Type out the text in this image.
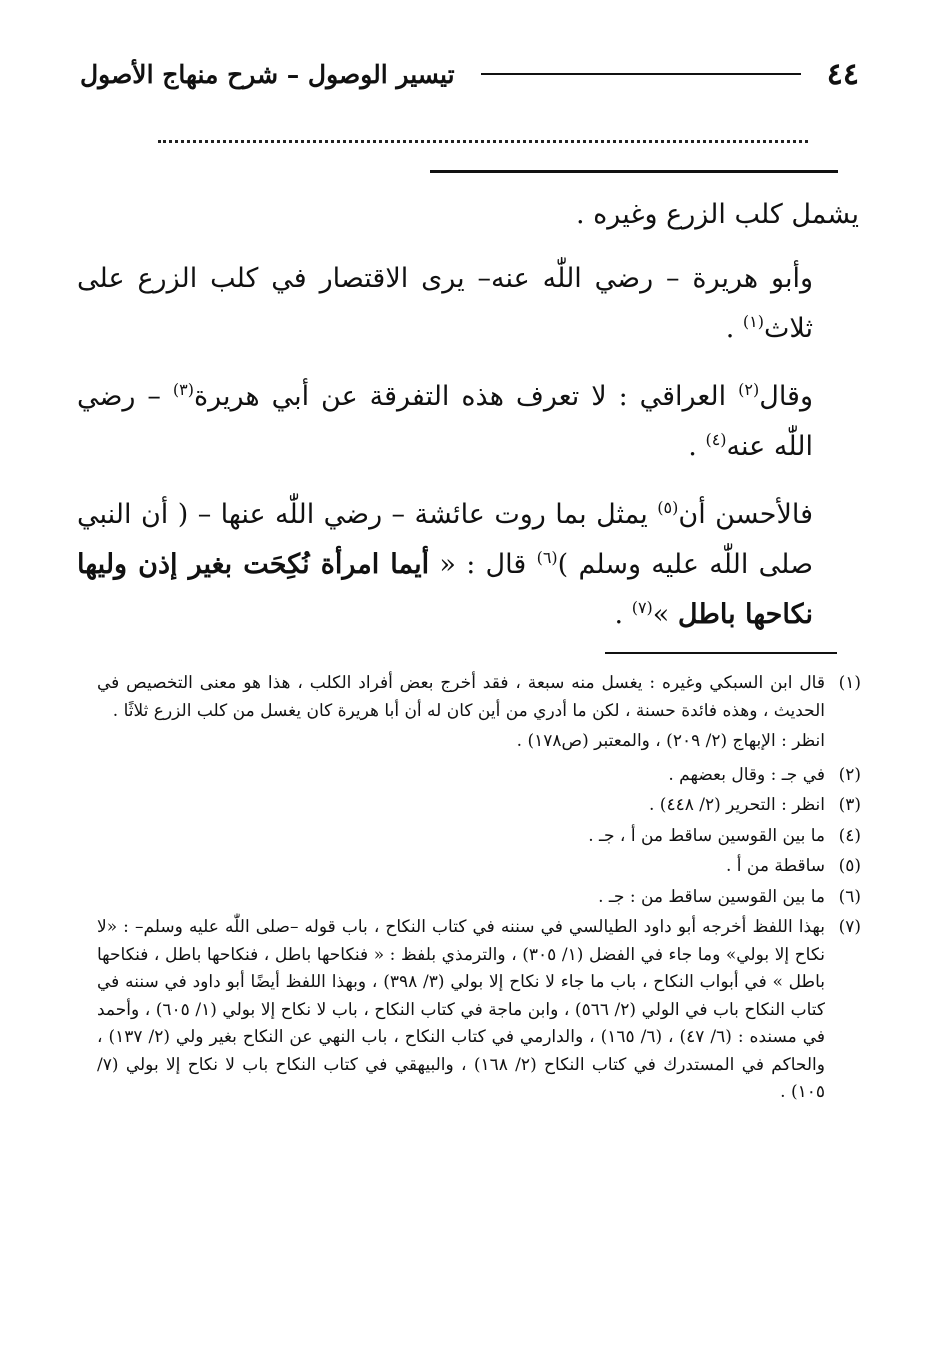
٤٤
تيسير الوصول – شرح منهاج الأصول

يشمل كلب الزرع وغيره .

وأبو هريرة – رضي اللّٰه عنه– يرى الاقتصار في كلب الزرع على ثلاث$^{(١)}$ .

وقال$^{(٢)}$ العراقي : لا تعرف هذه التفرقة عن أبي هريرة$^{(٣)}$ – رضي اللّٰه عنه$^{(٤)}$ .

فالأحسن أن$^{(٥)}$ يمثل بما روت عائشة – رضي اللّٰه عنها – ( أن النبي صلى اللّٰه عليه وسلم )$^{(٦)}$ قال : « أيما امرأة نُكِحَت بغير إذن وليها نكاحها باطل »$^{(٧)}$ .

(١)
قال ابن السبكي وغيره : يغسل منه سبعة ، فقد أخرج بعض أفراد الكلب ، هذا هو معنى التخصيص في الحديث ، وهذه فائدة حسنة ، لكن ما أدري من أين كان له أن أبا هريرة كان يغسل من كلب الزرع ثلاثًا .
انظر : الإبهاج (٢/ ٢٠٩) ، والمعتبر (ص١٧٨) .
(٢)
في جـ : وقال بعضهم .
(٣)
انظر : التحرير (٢/ ٤٤٨) .
(٤)
ما بين القوسين ساقط من أ ، جـ .
(٥)
ساقطة من أ .
(٦)
ما بين القوسين ساقط من : جـ .
(٧)
بهذا اللفظ أخرجه أبو داود الطيالسي في سننه في كتاب النكاح ، باب قوله –صلى اللّٰه عليه وسلم– : «لا نكاح إلا بولي» وما جاء في الفضل (١/ ٣٠٥) ، والترمذي بلفظ : « فنكاحها باطل ، فنكاحها باطل ، فنكاحها باطل » في أبواب النكاح ، باب ما جاء لا نكاح إلا بولي (٣/ ٣٩٨) ، وبهذا اللفظ أيضًا أبو داود في سننه في كتاب النكاح باب في الولي (٢/ ٥٦٦) ، وابن ماجة في كتاب النكاح ، باب لا نكاح إلا بولي (١/ ٦٠٥) ، وأحمد في مسنده : (٦/ ٤٧) ، (٦/ ١٦٥) ، والدارمي في كتاب النكاح ، باب النهي عن النكاح بغير ولي (٢/ ١٣٧) ، والحاكم في المستدرك في كتاب النكاح (٢/ ١٦٨) ، والبيهقي في كتاب النكاح باب لا نكاح إلا بولي (٧/ ١٠٥) .
